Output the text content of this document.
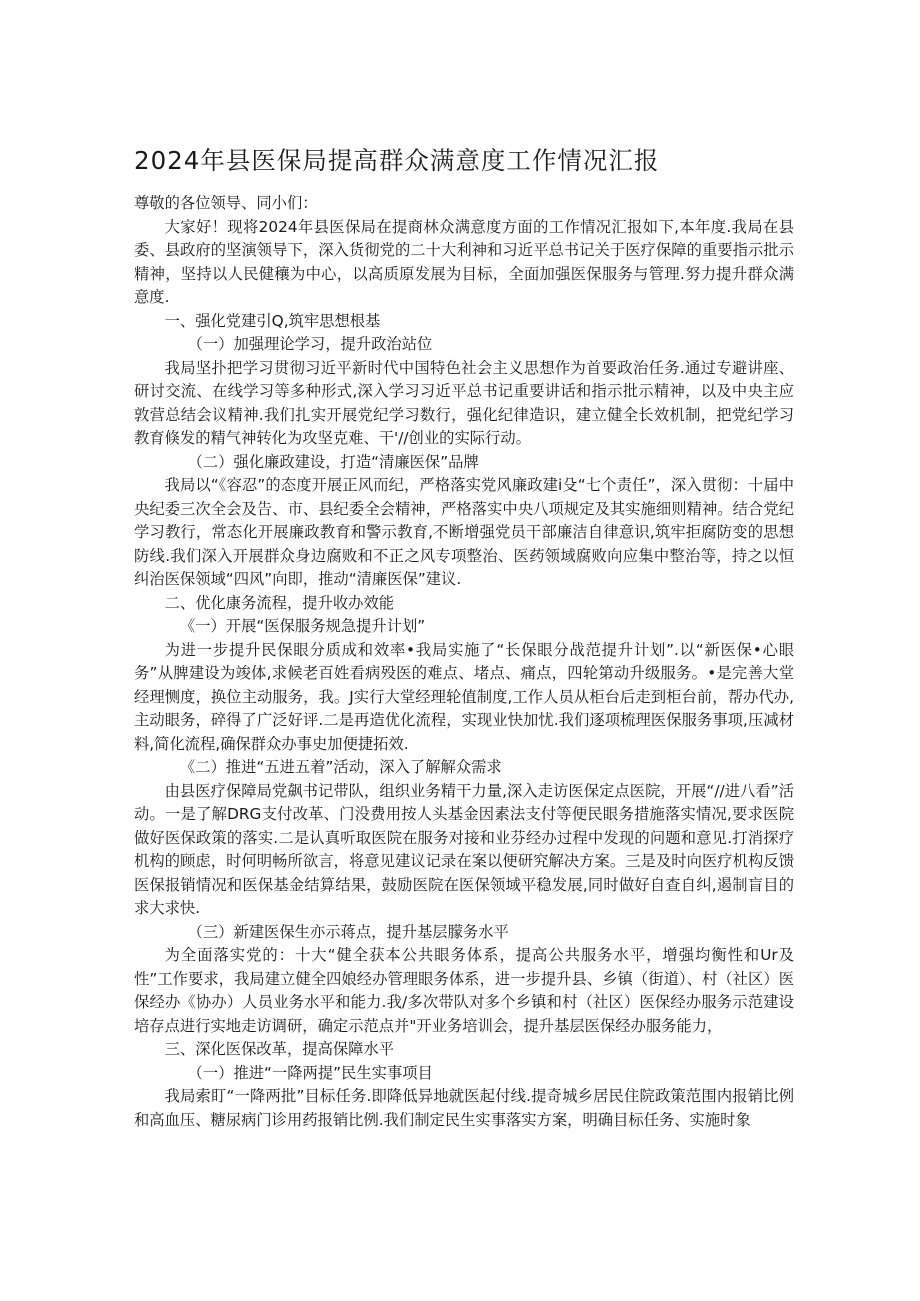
2024年县医保局提高群众满意度工作情况汇报

尊敬的各位领导、同小们：

大家好！现将2024年县医保局在提商林众满意度方面的工作情况汇报如下,本年度.我局在县委、县政府的坚演领导下，深入货彻党的二十大利神和习近平总书记关于医疗保障的重要指示批示精神，坚持以人民健穰为中心，以高质原发展为目标，全面加强医保服务与管理.努力提升群众满意度.

一、强化党建引Q,筑牢思想根基

（一）加强理论学习，提升政治站位

我局坚扑把学习贯彻习近平新时代中国特色社会主义思想作为首要政治任务.通过专避讲座、研讨交流、在线学习等多种形式,深入学习习近平总书记重要讲话和指示批示精神，以及中央主应敦营总结会议精神.我们扎实开展党纪学习数行，强化纪律造识，建立健全长效机制，把党纪学习教育倏发的精气神转化为攻坚克难、干'//创业的实际行动。

（二）强化廉政建设，打造“清廉医保”品牌

我局以“《容忍”的态度开展正风而纪，严格落实党风廉政建i殳“七个责任”，深入贯彻：十届中央纪委三次全会及告、市、县纪委全会精神，严格落实中央八项规定及其实施细则精神。结合党纪学习教行，常态化开展廉政教育和警示教育,不断增强党员干部廉洁自律意识,筑牢拒腐防变的思想防线.我们深入开展群众身边腐败和不正之风专项整治、医药领域腐败向应集中整治等，持之以恒纠治医保领域“四风”向即，推动“清廉医保”建议.

二、优化康务流程，提升收办效能

《一）开展“医保服务规急提升计划”

为进一步提升民保眼分质成和效率•我局实施了“长保眼分战范提升计划”.以“新医保•心眼务”从脾建设为竣体,求候老百姓看病殁医的难点、堵点、痛点，四轮第动升级服务。•是完善大堂经理恻度，换位主动服务，我。J实行大堂经理轮值制度,工作人员从柜台后走到柜台前，帮办代办,主动眼务，碎得了广泛好评.二是再造优化流程，实现业快加忧.我们逐项梳理医保服务事项,压减材料,简化流程,确保群众办事史加便捷拓效.

《二）推进“五进五着”活动，深入了解解众需求

由县医疗保障局党飙书记带队，组织业务精干力量,深入走访医保定点医院，开展“//进八看”活动。一是了解DRG支付改革、门没费用按人头基金因素法支付等便民眼务措施落实情况,要求医院做好医保政策的落实.二是认真听取医院在服务对接和业芬经办过程中发现的问题和意见.打消探疗机构的顾虑，时何明畅所欲言，将意见建议记录在案以便研究解决方案。三是及时向医疗机构反馈医保报销情况和医保基金结算结果，鼓励医院在医保领域平稳发展,同时做好自查自纠,遏制盲目的求大求快.

（三）新建医保生亦示蒋点，提升基层朦务水平

为全面落实党的：十大“健全获本公共眼务体系，提高公共服务水平，增强均衡性和Ur及性”工作要求，我局建立健全四娘经办管理眼务体系，进一步提升县、乡镇（街道）、村（社区）医保经办《协办）人员业务水平和能力.我/多次带队对多个乡镇和村（社区）医保经办服务示范建设培存点进行实地走访调研，确定示范点并"开业务培训会，提升基层医保经办服务能力，

三、深化医保改革，提高保障水平

（一）推进“一降两提”民生实事项目

我局索盯“一降两批”目标任务.即降低异地就医起付线.提奇城乡居民住院政策范围内报销比例和高血压、糖尿病门诊用药报销比例.我们制定民生实事落实方案，明确目标任务、实施时象
